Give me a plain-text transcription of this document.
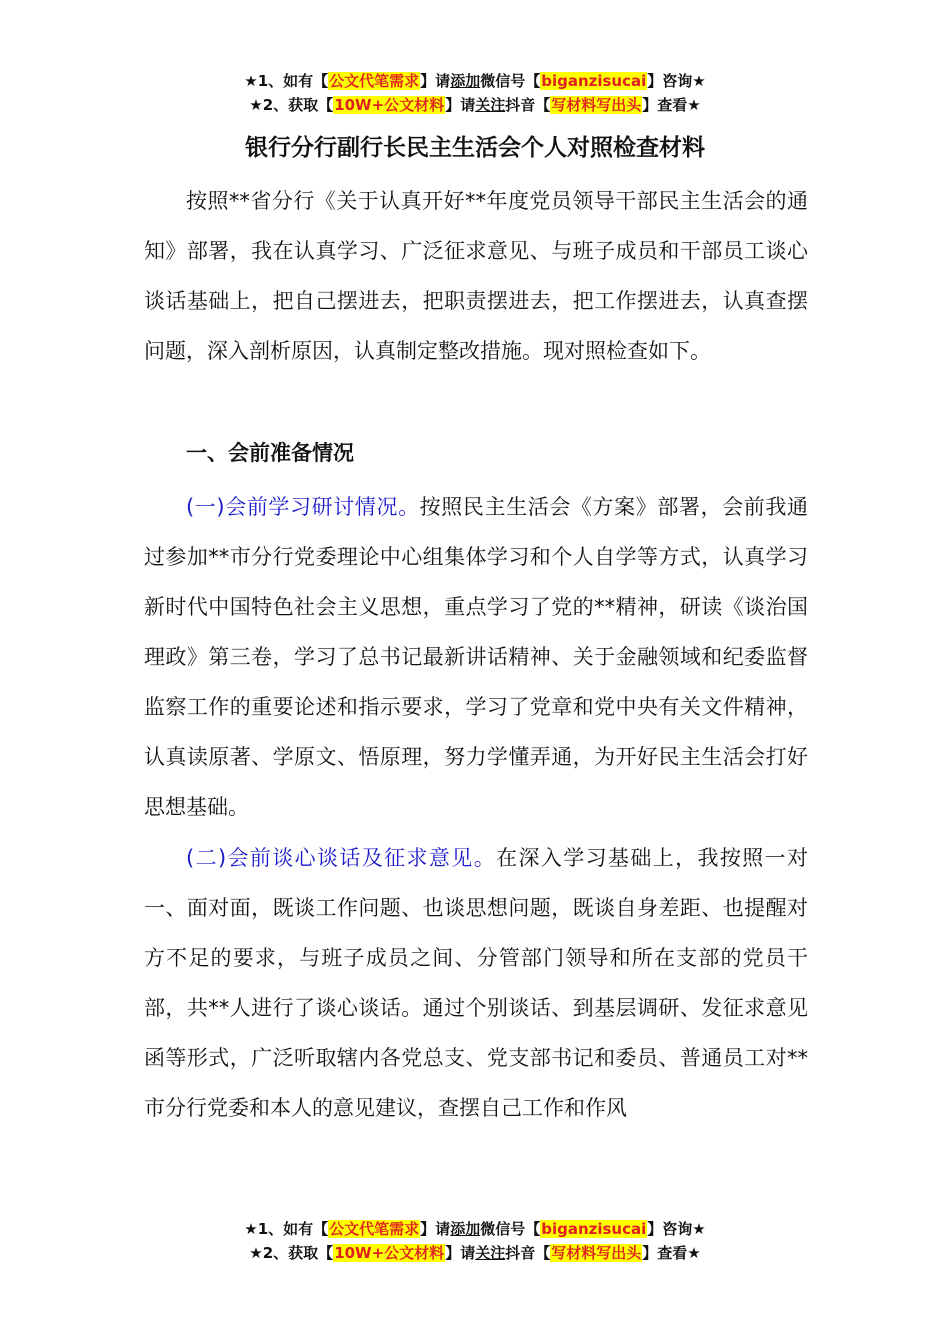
★1、如有【公文代笔需求】请添加微信号【biganzisucai】咨询★
★2、获取【10W+公文材料】请关注抖音【写材料写出头】查看★
银行分行副行长民主生活会个人对照检查材料

按照**省分行《关于认真开好**年度党员领导干部民主生活会的通知》部署，我在认真学习、广泛征求意见、与班子成员和干部员工谈心谈话基础上，把自己摆进去，把职责摆进去，把工作摆进去，认真查摆问题，深入剖析原因，认真制定整改措施。现对照检查如下。

一、会前准备情况

(一)会前学习研讨情况。按照民主生活会《方案》部署，会前我通过参加**市分行党委理论中心组集体学习和个人自学等方式，认真学习新时代中国特色社会主义思想，重点学习了党的**精神，研读《谈治国理政》第三卷，学习了总书记最新讲话精神、关于金融领域和纪委监督监察工作的重要论述和指示要求，学习了党章和党中央有关文件精神，认真读原著、学原文、悟原理，努力学懂弄通，为开好民主生活会打好思想基础。

(二)会前谈心谈话及征求意见。在深入学习基础上，我按照一对一、面对面，既谈工作问题、也谈思想问题，既谈自身差距、也提醒对方不足的要求，与班子成员之间、分管部门领导和所在支部的党员干部，共**人进行了谈心谈话。通过个别谈话、到基层调研、发征求意见函等形式，广泛听取辖内各党总支、党支部书记和委员、普通员工对**市分行党委和本人的意见建议，查摆自己工作和作风

★1、如有【公文代笔需求】请添加微信号【biganzisucai】咨询★
★2、获取【10W+公文材料】请关注抖音【写材料写出头】查看★
